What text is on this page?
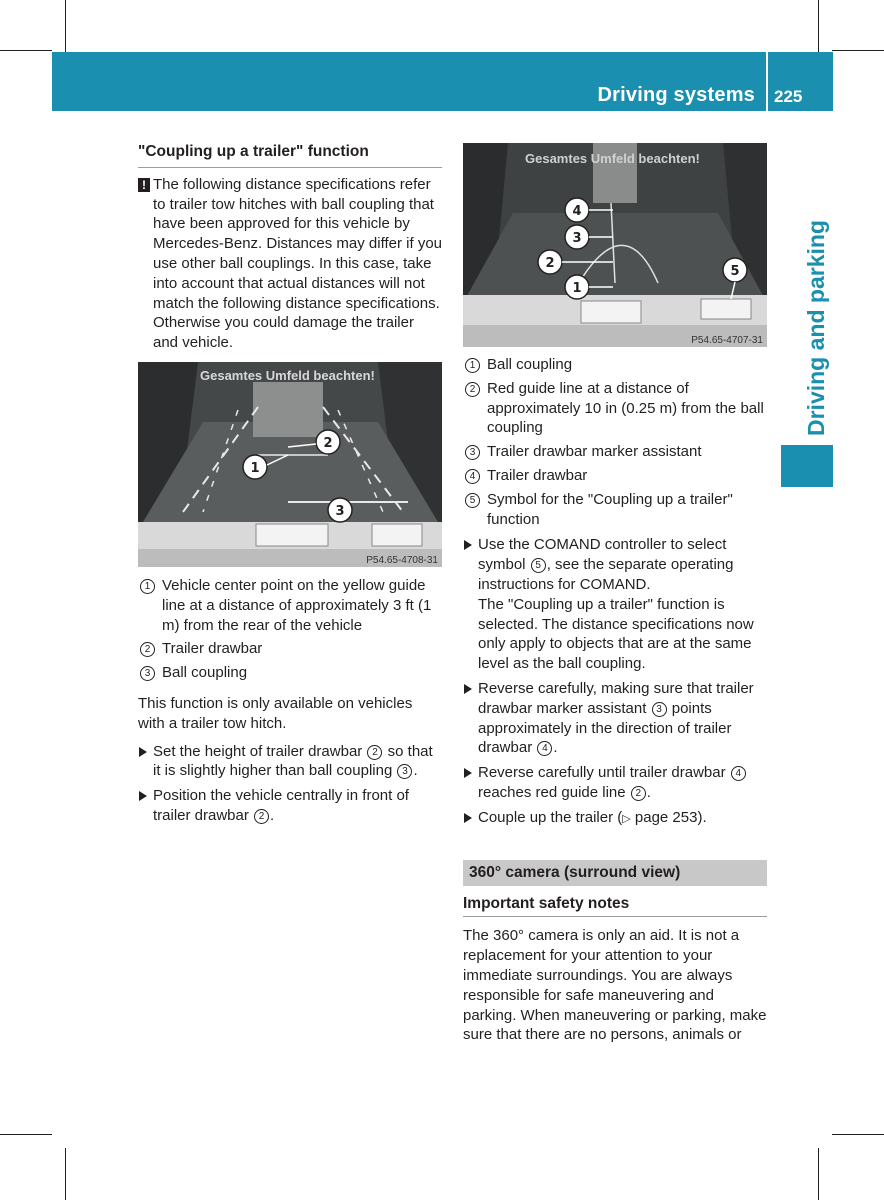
Driving systems 225
Driving and parking
"Coupling up a trailer" function
! The following distance specifications refer to trailer tow hitches with ball coupling that have been approved for this vehicle by Mercedes-Benz. Distances may differ if you use other ball couplings. In this case, take into account that actual distances will not match the following distance specifications. Otherwise you could damage the trailer and vehicle.
1
2
3
Gesamtes Umfeld beachten!
P54.65-4708-31
1 Vehicle center point on the yellow guide line at a distance of approximately 3 ft (1 m) from the rear of the vehicle
2 Trailer drawbar
3 Ball coupling
This function is only available on vehicles with a trailer tow hitch.
Set the height of trailer drawbar 2 so that it is slightly higher than ball coupling 3 .
Position the vehicle centrally in front of trailer drawbar 2 .
4
3
2
1
5
Gesamtes Umfeld beachten!
P54.65-4707-31
1 Ball coupling
2 Red guide line at a distance of approximately 10 in (0.25 m) from the ball coupling
3 Trailer drawbar marker assistant
4 Trailer drawbar
5 Symbol for the "Coupling up a trailer" function
Use the COMAND controller to select symbol 5 , see the separate operating instructions for COMAND.
The "Coupling up a trailer" function is selected. The distance specifications now only apply to objects that are at the same level as the ball coupling.
Reverse carefully, making sure that trailer drawbar marker assistant 3 points approximately in the direction of trailer drawbar 4 .
Reverse carefully until trailer drawbar 4 reaches red guide line 2 .
Couple up the trailer (▷ page 253).
360° camera (surround view)
Important safety notes
The 360° camera is only an aid. It is not a replacement for your attention to your immediate surroundings. You are always responsible for safe maneuvering and parking. When maneuvering or parking, make sure that there are no persons, animals or
